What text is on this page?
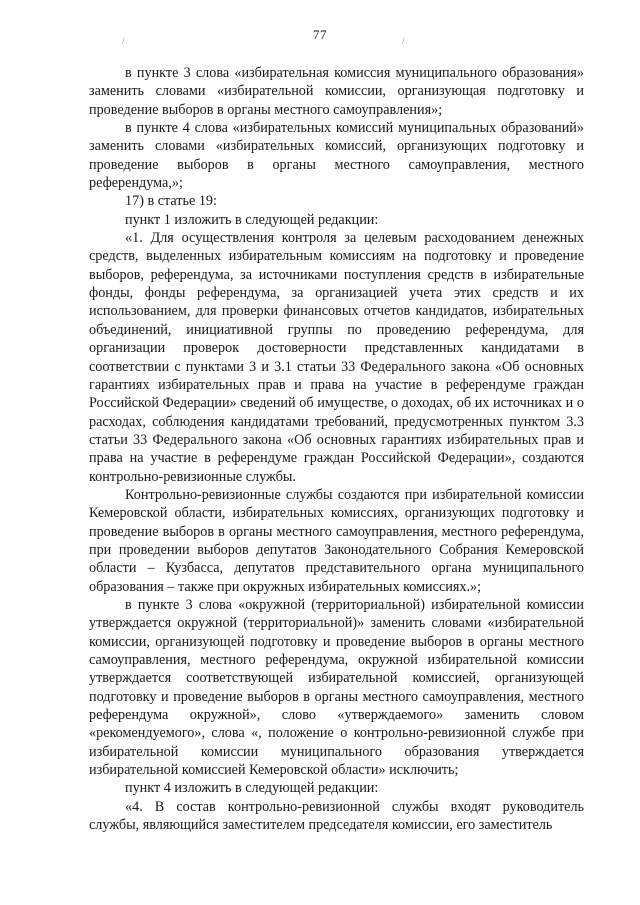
77
/	/

в пункте 3 слова «избирательная комиссия муниципального образования» заменить словами «избирательной комиссии, организующая подготовку и проведение выборов в органы местного самоуправления»;

в пункте 4 слова «избирательных комиссий муниципальных образований» заменить словами «избирательных комиссий, организующих подготовку и проведение выборов в органы местного самоуправления, местного референдума,»;

17) в статье 19:

пункт 1 изложить в следующей редакции:

«1. Для осуществления контроля за целевым расходованием денежных средств, выделенных избирательным комиссиям на подготовку и проведение выборов, референдума, за источниками поступления средств в избирательные фонды, фонды референдума, за организацией учета этих средств и их использованием, для проверки финансовых отчетов кандидатов, избирательных объединений, инициативной группы по проведению референдума, для организации проверок достоверности представленных кандидатами в соответствии с пунктами 3 и 3.1 статьи 33 Федерального закона «Об основных гарантиях избирательных прав и права на участие в референдуме граждан Российской Федерации» сведений об имуществе, о доходах, об их источниках и о расходах, соблюдения кандидатами требований, предусмотренных пунктом 3.3 статьи 33 Федерального закона «Об основных гарантиях избирательных прав и права на участие в референдуме граждан Российской Федерации», создаются контрольно-ревизионные службы.

Контрольно-ревизионные службы создаются при избирательной комиссии Кемеровской области, избирательных комиссиях, организующих подготовку и проведение выборов в органы местного самоуправления, местного референдума, при проведении выборов депутатов Законодательного Собрания Кемеровской области – Кузбасса, депутатов представительного органа муниципального образования – также при окружных избирательных комиссиях.»;

в пункте 3 слова «окружной (территориальной) избирательной комиссии утверждается окружной (территориальной)» заменить словами «избирательной комиссии, организующей подготовку и проведение выборов в органы местного самоуправления, местного референдума, окружной избирательной комиссии утверждается соответствующей избирательной комиссией, организующей подготовку и проведение выборов в органы местного самоуправления, местного референдума окружной», слово «утверждаемого» заменить словом «рекомендуемого», слова «, положение о контрольно-ревизионной службе при избирательной комиссии муниципального образования утверждается избирательной комиссией Кемеровской области» исключить;

пункт 4 изложить в следующей редакции:

«4. В состав контрольно-ревизионной службы входят руководитель службы, являющийся заместителем председателя комиссии, его заместитель
